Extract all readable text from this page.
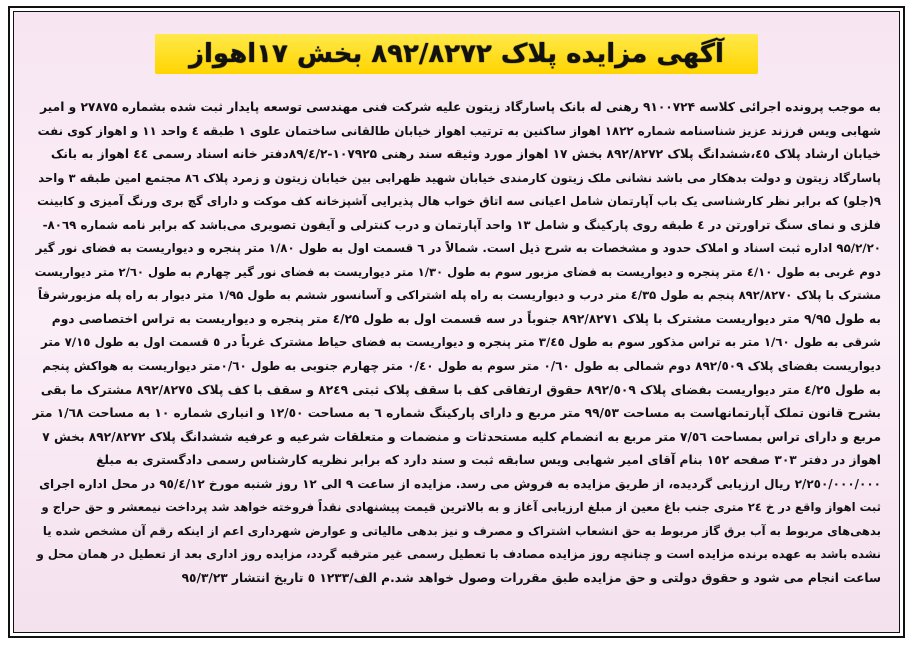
آگهی مزایده پلاک ۸۹۲/۸۲۷۲ بخش ۱۷اهواز
به موجب پرونده اجرائی کلاسه ۹۱۰۰۷۲۴ رهنی له بانک پاسارگاد زیتون علیه شرکت فنی مهندسی توسعه پایدار ثبت شده بشماره ۲۷۸۷۵ و امیر
شهابی ویس فرزند عزیز شناسنامه شماره ۱۸۲۲ اهواز ساکنین به ترتیب اهواز خیابان طالقانی ساختمان علوی ۱ طبقه ٤ واحد ۱۱ و اهواز کوی نفت
خیابان ارشاد پلاک ٤٥،ششدانگ پلاک ۸۹۲/۸۲۷۲ بخش ۱۷ اهواز مورد وثیقه سند رهنی ۱۰۷۹۲۵-۸۹/٤/۲دفتر خانه اسناد رسمی ٤٤ اهواز به بانک
پاسارگاد زیتون و دولت بدهکار می باشد نشانی ملک زیتون کارمندی خیابان شهید ظهرابی بین خیابان زیتون و زمرد پلاک ۸٦ مجتمع امین طبقه ۳ واحد
۹(جلو) که برابر نظر کارشناسی یک باب آپارتمان شامل اعیانی سه اتاق خواب هال پذیرایی آشپزخانه کف موکت و دارای گچ بری ورنگ آمیزی و کابینت
فلزی و نمای سنگ تراورتن در ٤ طبقه روی پارکینگ و شامل ۱۳ واحد آپارتمان و درب کنترلی و آیفون تصویری می‌باشد که برابر نامه شماره ۸۰٦۹-
۹۵/۲/۲۰ اداره ثبت اسناد و املاک حدود و مشخصات به شرح ذیل است. شمالاً در ٦ قسمت اول به طول ۱/۸۰ متر پنجره و دیواریست به فضای نور گیر
دوم غربی به طول ٤/۱۰ متر پنجره و دیواریست به فضای مزبور سوم به طول ۱/۳۰ متر دیواریست به فضای نور گیر چهارم به طول ۲/٦۰ متر دیواریست
مشترک با پلاک ۸۹۲/۸۲۷۰ پنجم به طول ٤/۳۵ متر درب و دیواریست به راه پله اشتراکی و آسانسور ششم به طول ۱/۹۵ متر دیوار به راه پله مزبورشرقاً
به طول ۹/۹۵ متر دیواریست مشترک با پلاک ۸۹۲/۸۲۷۱ جنوباً در سه قسمت اول به طول ٤/۲۵ متر پنجره و دیواریست به تراس اختصاصی دوم
شرقی به طول ۱/٦۰ متر به تراس مذکور سوم به طول ۳/٤٥ متر پنجره و دیواریست به فضای حیاط مشترک غرباً در ٥ قسمت اول به طول ۷/۱٥ متر
دیواریست بفضای پلاک ۸۹۲/٥۰۹ دوم شمالی به طول ۰/٦۰ متر سوم به طول ۰/٤۰ متر چهارم جنوبی به طول ۰/٦۰متر دیواریست به هواکش پنجم
به طول ٤/۲٥ متر دیواریست بفضای پلاک ۸۹۲/٥۰۹ حقوق ارتفاقی کف با سقف پلاک ثبتی ۸۲٤۹ و سقف با کف پلاک ۸۹۲/۸۲۷٥ مشترک ما بقی
بشرح قانون تملک آپارتمانهاست به مساحت ۹۹/٥۳ متر مربع و دارای پارکینگ شماره ٦ به مساحت ۱۲/٥۰ و انباری شماره ۱۰ به مساحت ۱/٦۸ متر
مربع و دارای تراس بمساحت ۷/٥٦ متر مربع به انضمام کلیه مستحدثات و منضمات و متعلقات شرعیه و عرفیه ششدانگ پلاک ۸۹۲/۸۲۷۲ بخش ۷
اهواز در دفتر ۳۰۳ صفحه ۱٥۲ بنام آقای امیر شهابی ویس سابقه ثبت و سند دارد که برابر نظریه کارشناس رسمی دادگستری به مبلغ
۲/۲٥۰/۰۰۰/۰۰۰ ریال ارزیابی گردیده، از طریق مزایده به فروش می رسد. مزایده از ساعت ۹ الی ۱۲ روز شنبه مورخ ۹٥/٤/۱۲ در محل اداره اجرای
ثبت اهواز واقع در خ ۲٤ متری جنب باغ معین از مبلغ ارزیابی آغاز و به بالاترین قیمت پیشنهادی نقداً فروخته خواهد شد پرداخت نیمعشر و حق حراج و
بدهی‌های مربوط به آب برق گاز مربوط به حق انشعاب اشتراک و مصرف و نیز بدهی مالیاتی و عوارض شهرداری اعم از اینکه رقم آن مشخص شده یا
نشده باشد به عهده برنده مزایده است و چنانچه روز مزایده مصادف با تعطیل رسمی غیر مترقبه گردد، مزایده روز اداری بعد از تعطیل در همان محل و
ساعت انجام می شود و حقوق دولتی و حق مزایده طبق مقررات وصول خواهد شد.م الف/۱۲۳۳ ٥ تاریخ انتشار ۹٥/۳/۲۳
